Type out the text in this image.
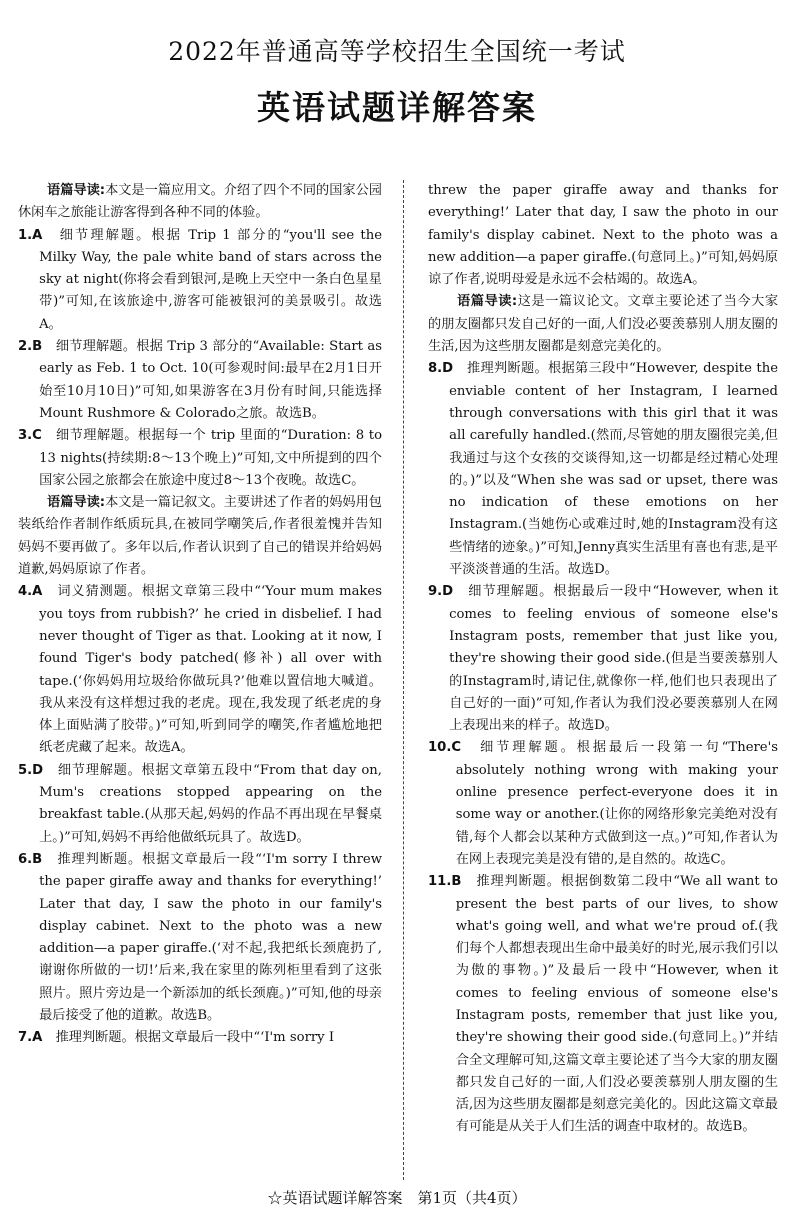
2022年普通高等学校招生全国统一考试
英语试题详解答案

语篇导读:本文是一篇应用文。介绍了四个不同的国家公园休闲车之旅能让游客得到各种不同的体验。

1.A　 细节理解题。根据 Trip 1 部分的“you'll see the Milky Way, the pale white band of stars across the sky at night(你将会看到银河,是晚上天空中一条白色星星带)”可知,在该旅途中,游客可能被银河的美景吸引。故选A。

2.B　 细节理解题。根据 Trip 3 部分的“Available: Start as early as Feb. 1 to Oct. 10(可参观时间:最早在2月1日开始至10月10日)”可知,如果游客在3月份有时间,只能选择 Mount Rushmore & Colorado之旅。故选B。

3.C　 细节理解题。根据每一个 trip 里面的“Duration: 8 to 13 nights(持续期:8～13个晚上)”可知,文中所提到的四个国家公园之旅都会在旅途中度过8～13个夜晚。故选C。

语篇导读:本文是一篇记叙文。主要讲述了作者的妈妈用包装纸给作者制作纸质玩具,在被同学嘲笑后,作者很羞愧并告知妈妈不要再做了。多年以后,作者认识到了自己的错误并给妈妈道歉,妈妈原谅了作者。

4.A　 词义猜测题。根据文章第三段中“‘Your mum makes you toys from rubbish?’ he cried in disbelief. I had never thought of Tiger as that. Looking at it now, I found Tiger's body patched(修补) all over with tape.(‘你妈妈用垃圾给你做玩具?’他难以置信地大喊道。我从来没有这样想过我的老虎。现在,我发现了纸老虎的身体上面贴满了胶带。)”可知,听到同学的嘲笑,作者尴尬地把纸老虎藏了起来。故选A。

5.D　 细节理解题。根据文章第五段中“From that day on, Mum's creations stopped appearing on the breakfast table.(从那天起,妈妈的作品不再出现在早餐桌上。)”可知,妈妈不再给他做纸玩具了。故选D。

6.B　 推理判断题。根据文章最后一段“‘I'm sorry I threw the paper giraffe away and thanks for everything!’ Later that day, I saw the photo in our family's display cabinet. Next to the photo was a new addition—a paper giraffe.(‘对不起,我把纸长颈鹿扔了,谢谢你所做的一切!’后来,我在家里的陈列柜里看到了这张照片。照片旁边是一个新添加的纸长颈鹿。)”可知,他的母亲最后接受了他的道歉。故选B。

7.A　 推理判断题。根据文章最后一段中“‘I'm sorry I

threw the paper giraffe away and thanks for everything!’ Later that day, I saw the photo in our family's display cabinet. Next to the photo was a new addition—a paper giraffe.(句意同上。)”可知,妈妈原谅了作者,说明母爱是永远不会枯竭的。故选A。

语篇导读:这是一篇议论文。文章主要论述了当今大家的朋友圈都只发自己好的一面,人们没必要羡慕别人朋友圈的生活,因为这些朋友圈都是刻意完美化的。

8.D　 推理判断题。根据第三段中“However, despite the enviable content of her Instagram, I learned through conversations with this girl that it was all carefully handled.(然而,尽管她的朋友圈很完美,但我通过与这个女孩的交谈得知,这一切都是经过精心处理的。)”以及“When she was sad or upset, there was no indication of these emotions on her Instagram.(当她伤心或难过时,她的Instagram没有这些情绪的迹象。)”可知,Jenny真实生活里有喜也有悲,是平平淡淡普通的生活。故选D。

9.D　 细节理解题。根据最后一段中“However, when it comes to feeling envious of someone else's Instagram posts, remember that just like you, they're showing their good side.(但是当要羡慕别人的Instagram时,请记住,就像你一样,他们也只表现出了自己好的一面)”可知,作者认为我们没必要羡慕别人在网上表现出来的样子。故选D。

10.C　 细节理解题。根据最后一段第一句“There's absolutely nothing wrong with making your online presence perfect-everyone does it in some way or another.(让你的网络形象完美绝对没有错,每个人都会以某种方式做到这一点。)”可知,作者认为在网上表现完美是没有错的,是自然的。故选C。

11.B　 推理判断题。根据倒数第二段中“We all want to present the best parts of our lives, to show what's going well, and what we're proud of.(我们每个人都想表现出生命中最美好的时光,展示我们引以为傲的事物。)”及最后一段中“However, when it comes to feeling envious of someone else's Instagram posts, remember that just like you, they're showing their good side.(句意同上。)”并结合全文理解可知,这篇文章主要论述了当今大家的朋友圈都只发自己好的一面,人们没必要羡慕别人朋友圈的生活,因为这些朋友圈都是刻意完美化的。因此这篇文章最有可能是从关于人们生活的调查中取材的。故选B。

☆英语试题详解答案　第1页（共4页）
